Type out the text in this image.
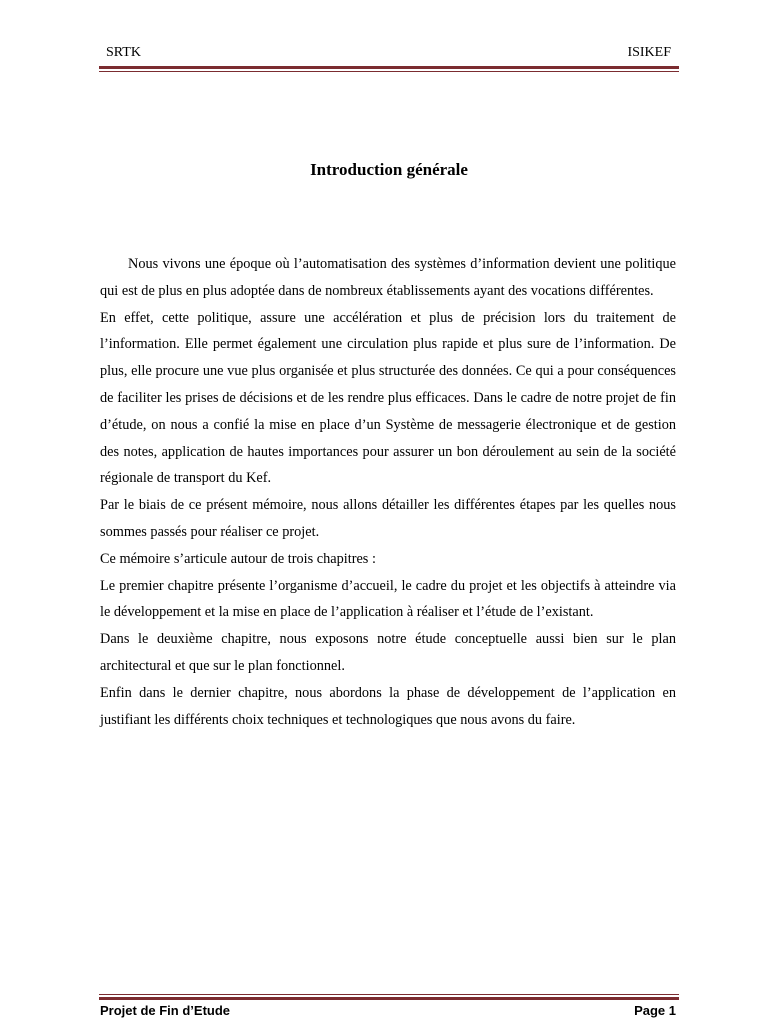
SRTK	ISIKEF
Introduction générale

Nous vivons une époque où l’automatisation des systèmes d’information devient une politique qui est de plus en plus adoptée dans de nombreux établissements ayant des vocations différentes.

En effet, cette politique, assure une accélération et plus de précision lors du traitement de l’information. Elle permet également une circulation plus rapide et plus sure de l’information. De plus, elle procure une vue plus organisée et plus structurée des données. Ce qui a pour conséquences de faciliter les prises de décisions et de les rendre plus efficaces. Dans le cadre de notre projet de fin d’étude, on nous a confié la mise en place d’un Système de messagerie électronique et de gestion des notes, application de hautes importances pour assurer un bon déroulement au sein de la société régionale de transport du Kef.

Par le biais de ce présent mémoire, nous allons détailler les différentes étapes par les quelles nous sommes passés pour réaliser ce projet.

Ce mémoire s’articule autour de trois chapitres :

Le premier chapitre présente l’organisme d’accueil, le cadre du projet et les objectifs à atteindre via le développement et la mise en place de l’application à réaliser et l’étude de l’existant.

Dans le deuxième chapitre, nous exposons notre étude conceptuelle aussi bien sur le plan architectural et que sur le plan fonctionnel.

Enfin dans le dernier chapitre, nous abordons la phase de développement de l’application en justifiant les différents choix techniques et technologiques que nous avons du faire.

Projet de Fin d’Etude	Page 1
